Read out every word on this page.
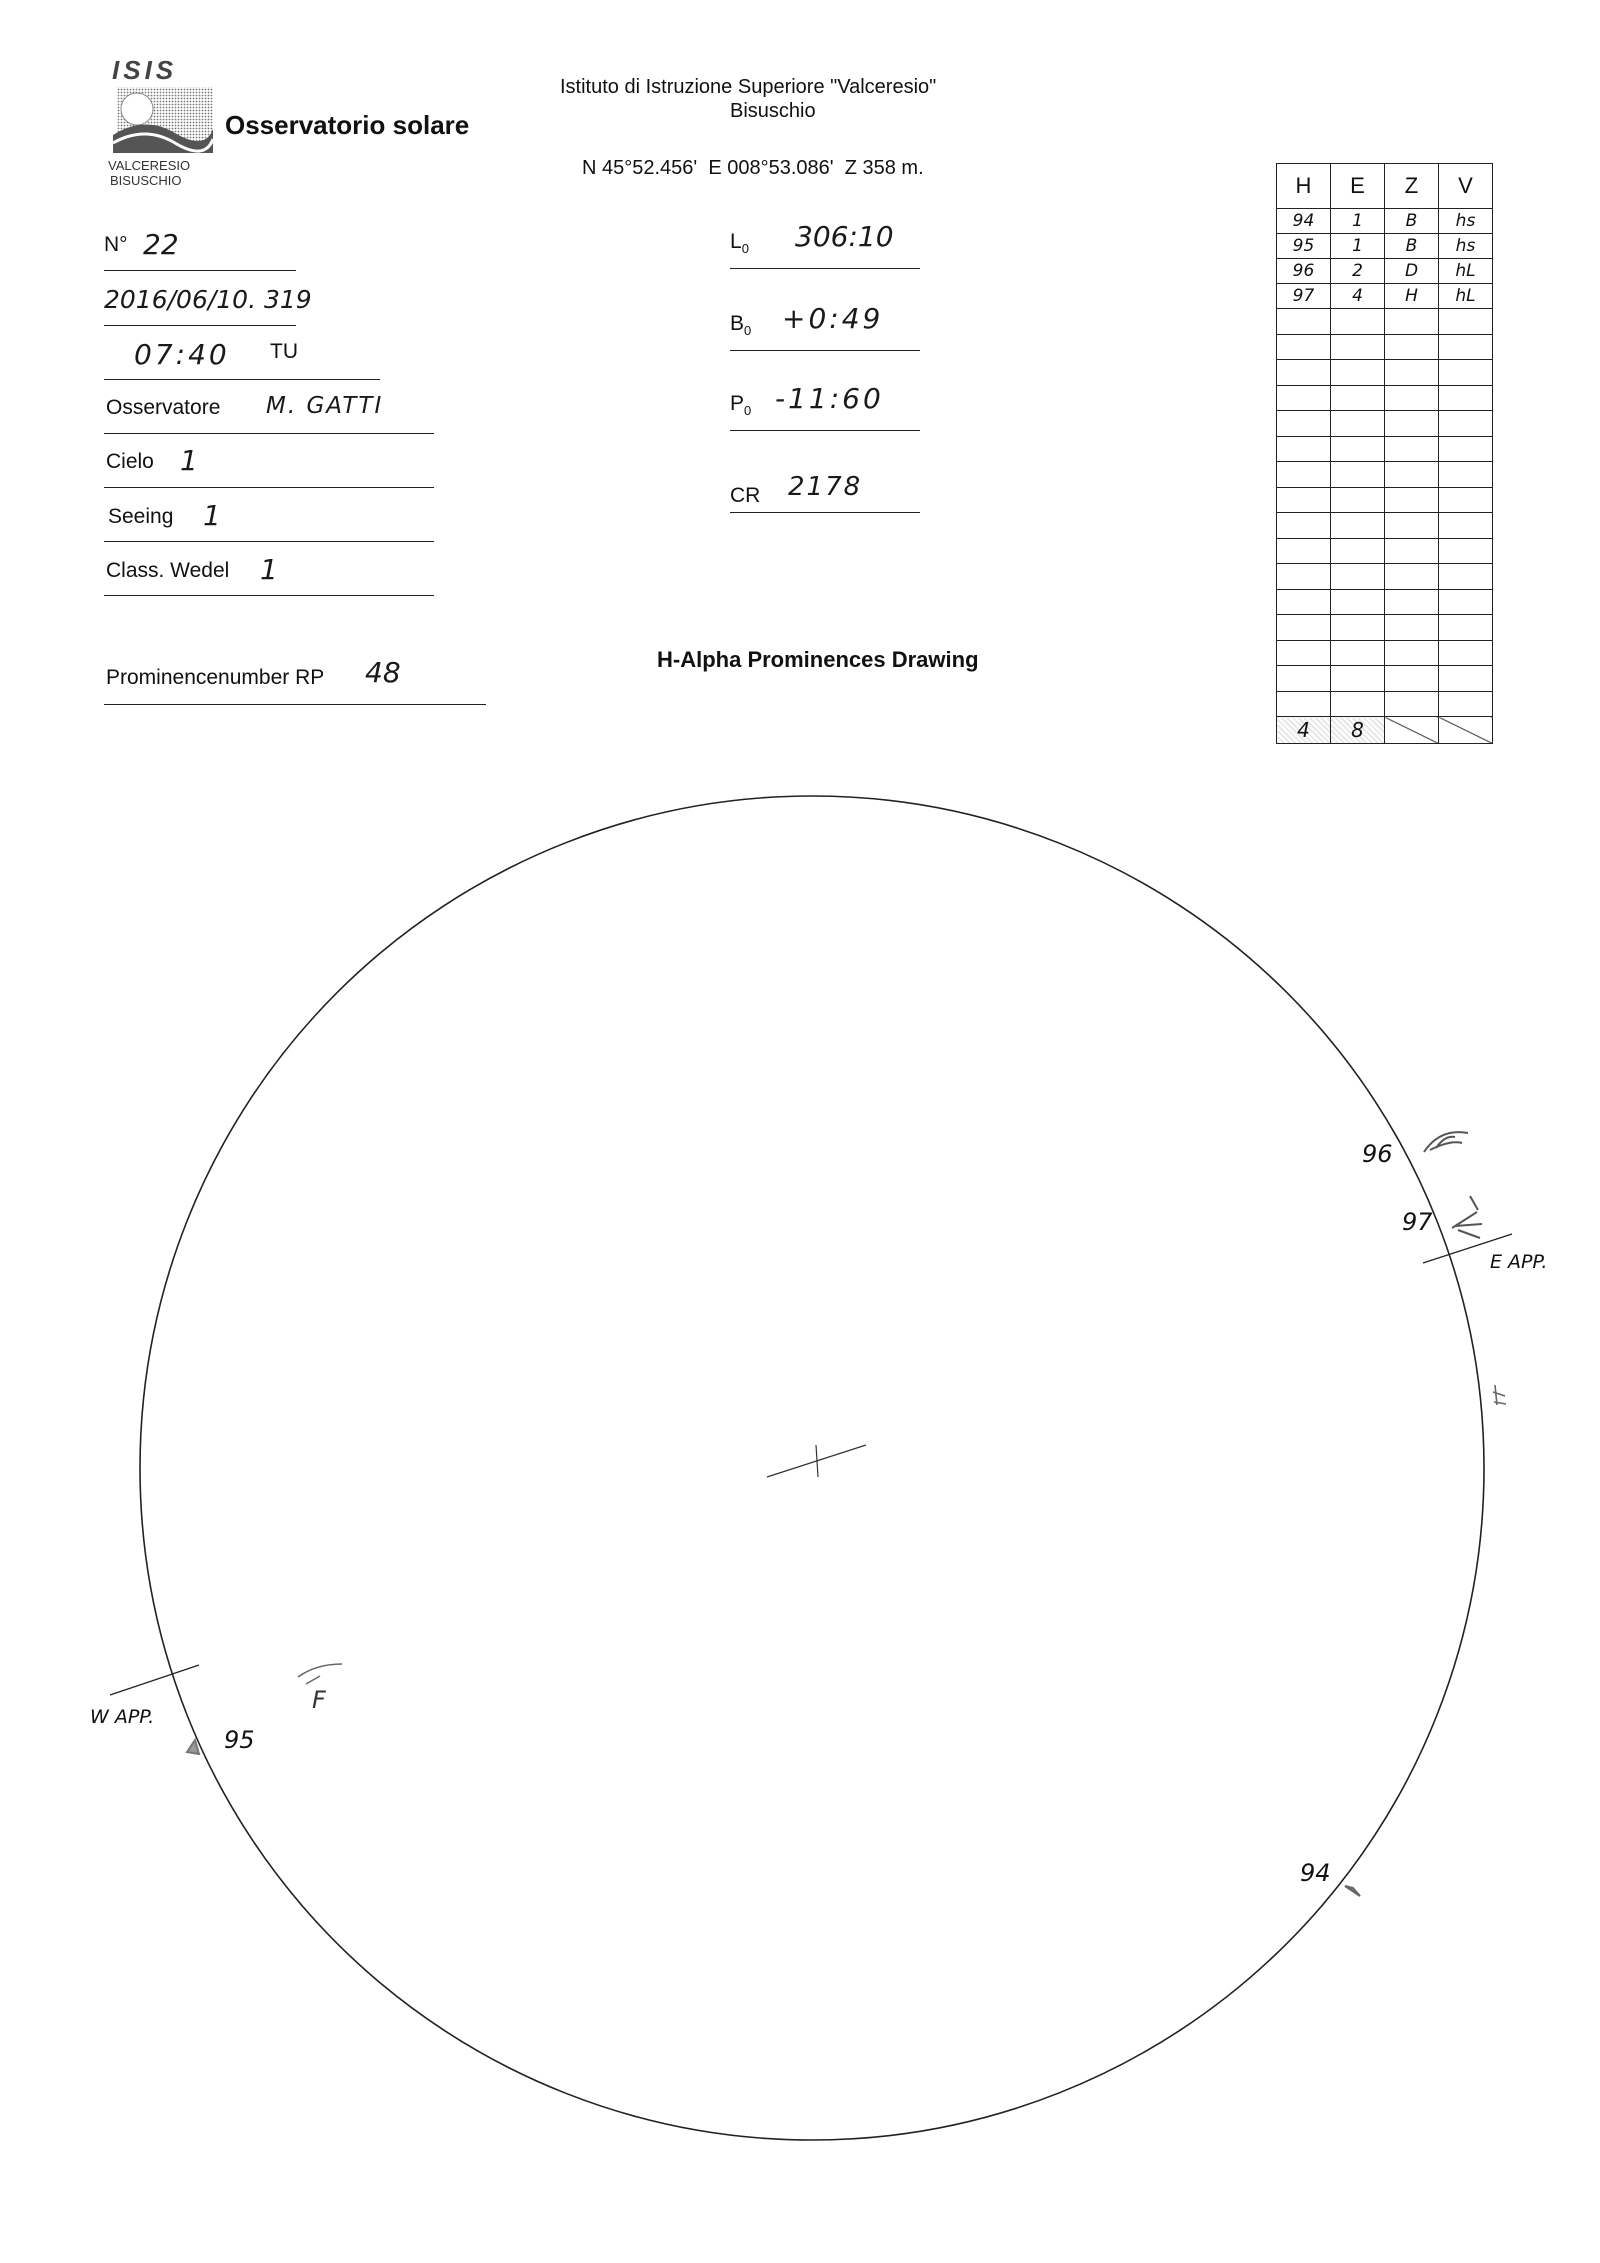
ISIS
VALCERESIO
BISUSCHIO
Osservatorio solare
Istituto di Istruzione Superiore "Valceresio"
Bisuschio
N 45°52.456'  E 008°53.086'  Z 358 m.
N° 22
2016/06/10. 319
07:40 TU
Osservatore M. GATTI
Cielo 1
Seeing 1
Class. Wedel 1
Prominencenumber RP 48
$L_0$ 306:10
$B_0$ +0:49
$P_0$ -11:60
CR 2178
H-Alpha Prominences Drawing
H	E	Z	V
94	1	B	hs
95	1	B	hs
96	2	D	hL
97	4	H	hL

4	8		
96
97
E APP.
W APP.
95
94
F
